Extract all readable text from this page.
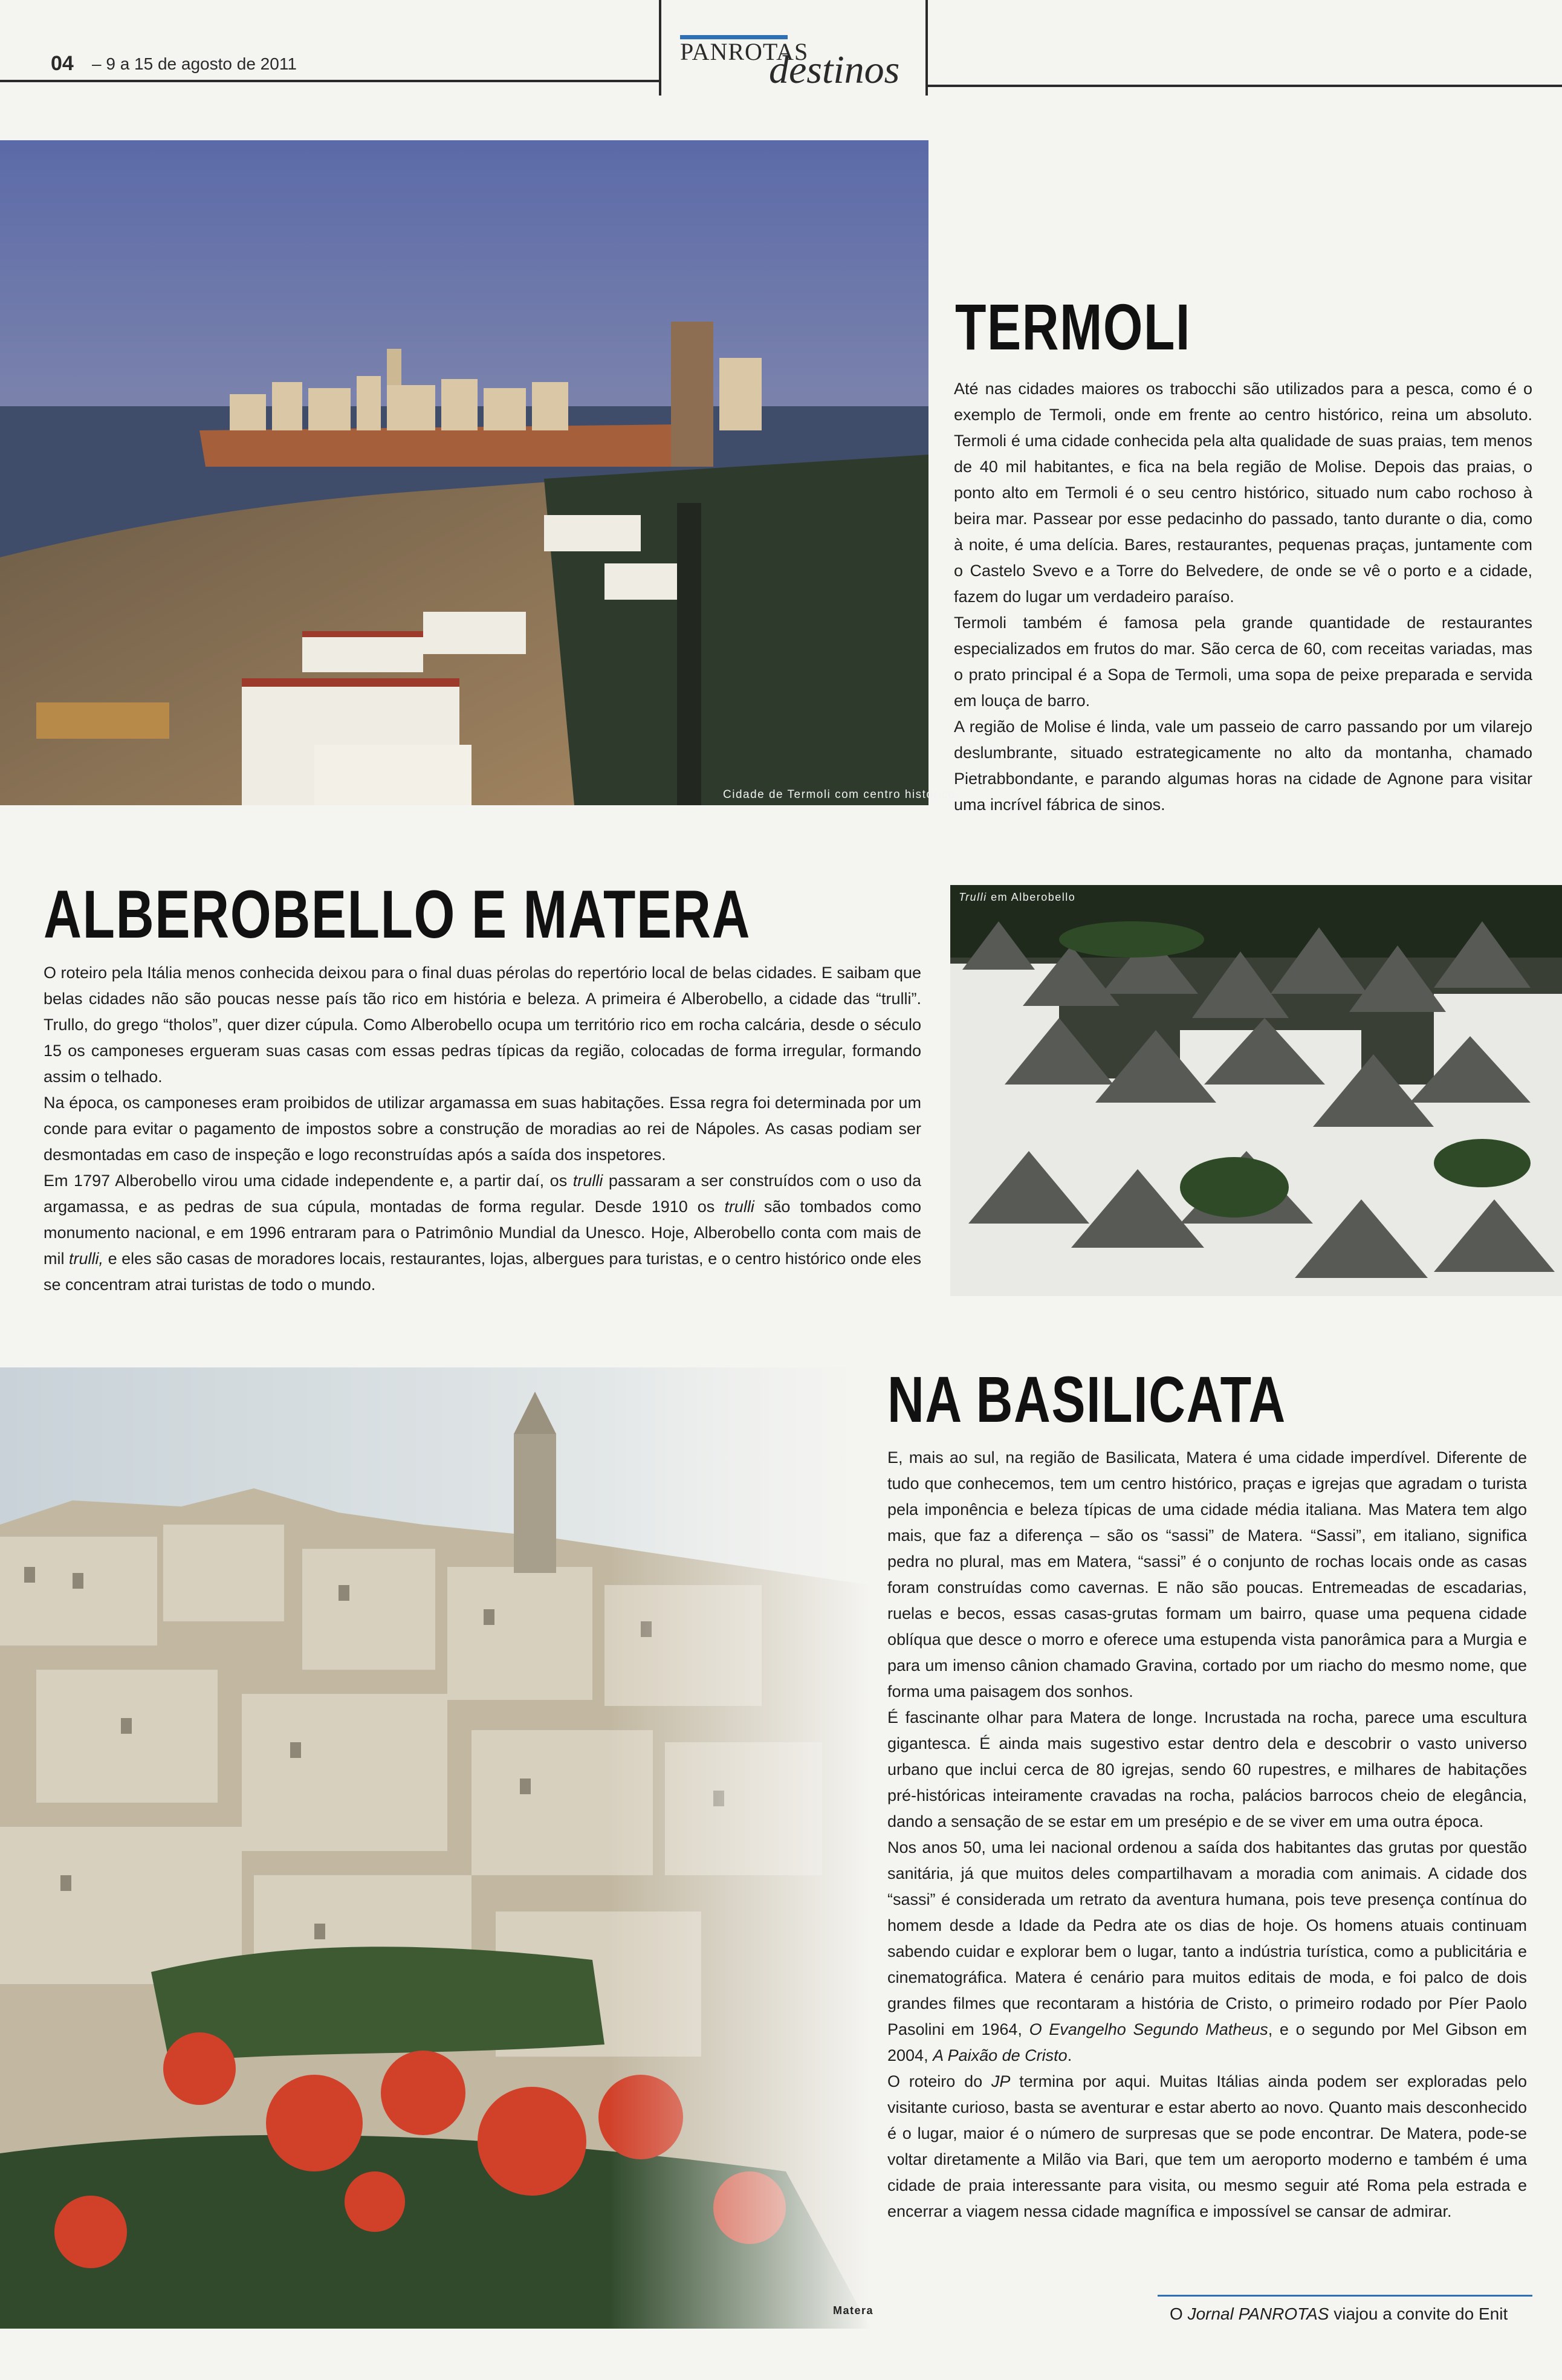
04 – 9 a 15 de agosto de 2011	PANROTAS
destinos
Cidade de Termoli com centro histórico
TERMOLI

Até nas cidades maiores os trabocchi são utilizados para a pesca, como é o exemplo de Termoli, onde em frente ao centro histórico, reina um absoluto. Termoli é uma cidade conhecida pela alta qualidade de suas praias, tem menos de 40 mil habitantes, e fica na bela região de Molise. Depois das praias, o ponto alto em Termoli é o seu centro histórico, situado num cabo rochoso à beira mar. Passear por esse pedacinho do passado, tanto durante o dia, como à noite, é uma delícia. Bares, restaurantes, pequenas praças, juntamente com o Castelo Svevo e a Torre do Belvedere, de onde se vê o porto e a cidade, fazem do lugar um verdadeiro paraíso.

Termoli também é famosa pela grande quantidade de restaurantes especializados em frutos do mar. São cerca de 60, com receitas variadas, mas o prato principal é a Sopa de Termoli, uma sopa de peixe preparada e servida em louça de barro.

A região de Molise é linda, vale um passeio de carro passando por um vilarejo deslumbrante, situado estrategicamente no alto da montanha, chamado Pietrabbondante, e parando algumas horas na cidade de Agnone para visitar uma incrível fábrica de sinos.

ALBEROBELLO E MATERA

O roteiro pela Itália menos conhecida deixou para o final duas pérolas do repertório local de belas cidades. E saibam que belas cidades não são poucas nesse país tão rico em história e beleza. A primeira é Alberobello, a cidade das “trulli”. Trullo, do grego “tholos”, quer dizer cúpula. Como Alberobello ocupa um território rico em rocha calcária, desde o século 15 os camponeses ergueram suas casas com essas pedras típicas da região, colocadas de forma irregular, formando assim o telhado.

Na época, os camponeses eram proibidos de utilizar argamassa em suas habitações. Essa regra foi determinada por um conde para evitar o pagamento de impostos sobre a construção de moradias ao rei de Nápoles. As casas podiam ser desmontadas em caso de inspeção e logo reconstruídas após a saída dos inspetores.

Em 1797 Alberobello virou uma cidade independente e, a partir daí, os trulli passaram a ser construídos com o uso da argamassa, e as pedras de sua cúpula, montadas de forma regular. Desde 1910 os trulli são tombados como monumento nacional, e em 1996 entraram para o Patrimônio Mundial da Unesco. Hoje, Alberobello conta com mais de mil trulli, e eles são casas de moradores locais, restaurantes, lojas, albergues para turistas, e o centro histórico onde eles se concentram atrai turistas de todo o mundo.

Trulli em Alberobello
Matera
NA BASILICATA

E, mais ao sul, na região de Basilicata, Matera é uma cidade imperdível. Diferente de tudo que conhecemos, tem um centro histórico, praças e igrejas que agradam o turista pela imponência e beleza típicas de uma cidade média italiana. Mas Matera tem algo mais, que faz a diferença – são os “sassi” de Matera. “Sassi”, em italiano, significa pedra no plural, mas em Matera, “sassi” é o conjunto de rochas locais onde as casas foram construídas como cavernas. E não são poucas. Entremeadas de escadarias, ruelas e becos, essas casas-grutas formam um bairro, quase uma pequena cidade oblíqua que desce o morro e oferece uma estupenda vista panorâmica para a Murgia e para um imenso cânion chamado Gravina, cortado por um riacho do mesmo nome, que forma uma paisagem dos sonhos.

É fascinante olhar para Matera de longe. Incrustada na rocha, parece uma escultura gigantesca. É ainda mais sugestivo estar dentro dela e descobrir o vasto universo urbano que inclui cerca de 80 igrejas, sendo 60 rupestres, e milhares de habitações pré-históricas inteiramente cravadas na rocha, palácios barrocos cheio de elegância, dando a sensação de se estar em um presépio e de se viver em uma outra época.

Nos anos 50, uma lei nacional ordenou a saída dos habitantes das grutas por questão sanitária, já que muitos deles compartilhavam a moradia com animais. A cidade dos “sassi” é considerada um retrato da aventura humana, pois teve presença contínua do homem desde a Idade da Pedra ate os dias de hoje. Os homens atuais continuam sabendo cuidar e explorar bem o lugar, tanto a indústria turística, como a publicitária e cinematográfica. Matera é cenário para muitos editais de moda, e foi palco de dois grandes filmes que recontaram a história de Cristo, o primeiro rodado por Píer Paolo Pasolini em 1964, O Evangelho Segundo Matheus, e o segundo por Mel Gibson em 2004, A Paixão de Cristo.

O roteiro do JP termina por aqui. Muitas Itálias ainda podem ser exploradas pelo visitante curioso, basta se aventurar e estar aberto ao novo. Quanto mais desconhecido é o lugar, maior é o número de surpresas que se pode encontrar. De Matera, pode-se voltar diretamente a Milão via Bari, que tem um aeroporto moderno e também é uma cidade de praia interessante para visita, ou mesmo seguir até Roma pela estrada e encerrar a viagem nessa cidade magnífica e impossível se cansar de admirar.

O Jornal PANROTAS viajou a convite do Enit
